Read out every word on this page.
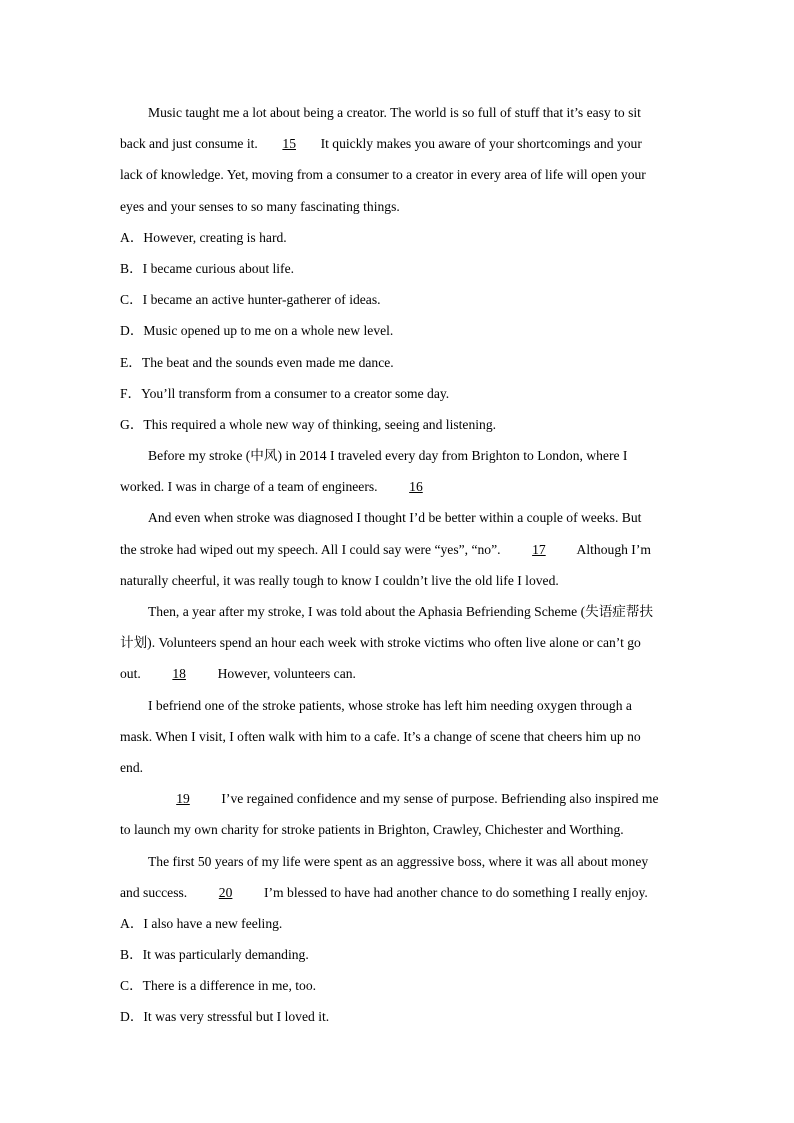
Music taught me a lot about being a creator. The world is so full of stuff that it’s easy to sit
back and just consume it. 15 It quickly makes you aware of your shortcomings and your
lack of knowledge. Yet, moving from a consumer to a creator in every area of life will open your
eyes and your senses to so many fascinating things.
A．However, creating is hard.
B．I became curious about life.
C．I became an active hunter-gatherer of ideas.
D．Music opened up to me on a whole new level.
E．The beat and the sounds even made me dance.
F．You’ll transform from a consumer to a creator some day.
G．This required a whole new way of thinking, seeing and listening.
Before my stroke (中风) in 2014 I traveled every day from Brighton to London, where I
worked. I was in charge of a team of engineers. 16
And even when stroke was diagnosed I thought I’d be better within a couple of weeks. But
the stroke had wiped out my speech. All I could say were “yes”, “no”. 17 Although I’m
naturally cheerful, it was really tough to know I couldn’t live the old life I loved.
Then, a year after my stroke, I was told about the Aphasia Befriending Scheme (失语症帮扶
计划). Volunteers spend an hour each week with stroke victims who often live alone or can’t go
out. 18 However, volunteers can.
I befriend one of the stroke patients, whose stroke has left him needing oxygen through a
mask. When I visit, I often walk with him to a cafe. It’s a change of scene that cheers him up no
end.
19 I’ve regained confidence and my sense of purpose. Befriending also inspired me
to launch my own charity for stroke patients in Brighton, Crawley, Chichester and Worthing.
The first 50 years of my life were spent as an aggressive boss, where it was all about money
and success. 20 I’m blessed to have had another chance to do something I really enjoy.
A．I also have a new feeling.
B．It was particularly demanding.
C．There is a difference in me, too.
D．It was very stressful but I loved it.
